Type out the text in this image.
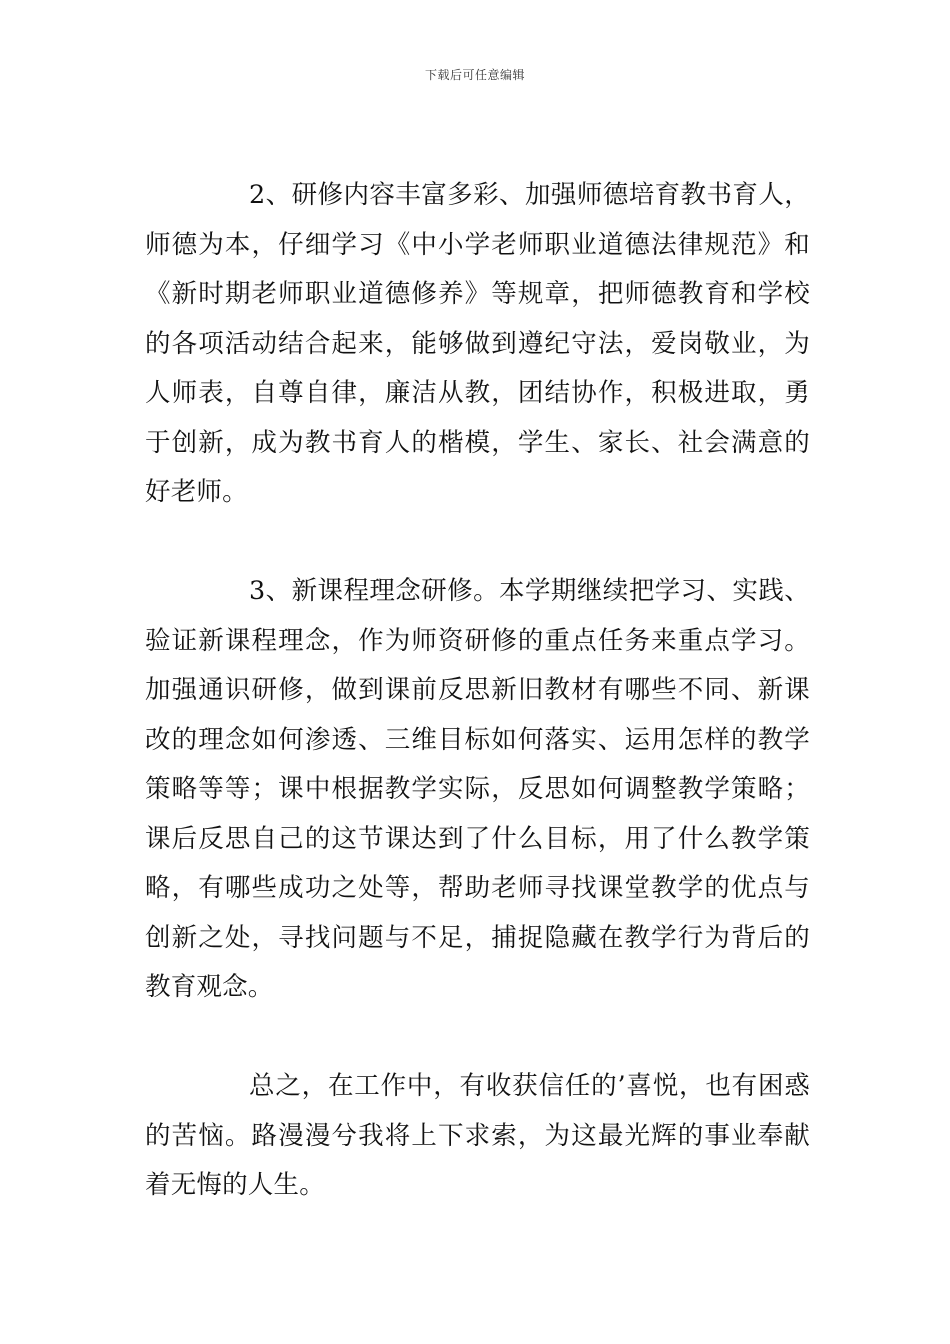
下载后可任意编辑

2、研修内容丰富多彩、加强师德培育教书育人，师德为本，仔细学习《中小学老师职业道德法律规范》和《新时期老师职业道德修养》等规章，把师德教育和学校的各项活动结合起来，能够做到遵纪守法，爱岗敬业，为人师表，自尊自律，廉洁从教，团结协作，积极进取，勇于创新，成为教书育人的楷模，学生、家长、社会满意的好老师。

3、新课程理念研修。本学期继续把学习、实践、验证新课程理念，作为师资研修的重点任务来重点学习。加强通识研修，做到课前反思新旧教材有哪些不同、新课改的理念如何渗透、三维目标如何落实、运用怎样的教学策略等等；课中根据教学实际，反思如何调整教学策略；课后反思自己的这节课达到了什么目标，用了什么教学策略，有哪些成功之处等，帮助老师寻找课堂教学的优点与创新之处，寻找问题与不足，捕捉隐藏在教学行为背后的教育观念。

总之，在工作中，有收获信任的’喜悦，也有困惑的苦恼。路漫漫兮我将上下求索，为这最光辉的事业奉献着无悔的人生。
